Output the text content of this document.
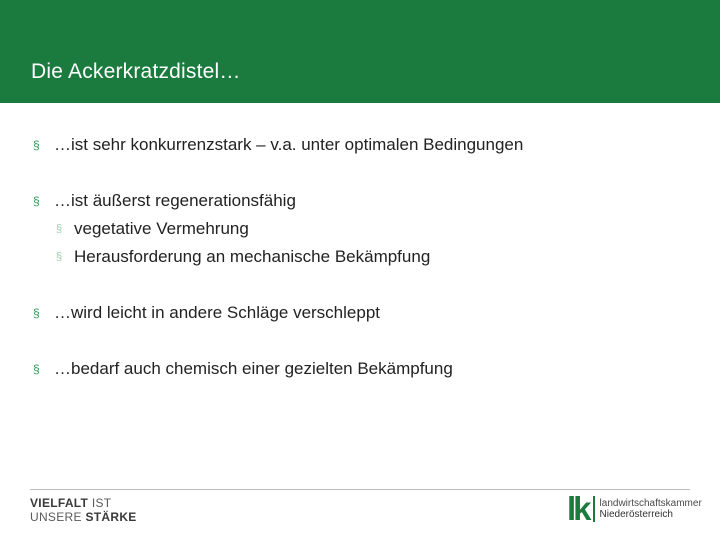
Die Ackerkratzdistel…
§ …ist sehr konkurrenzstark – v.a. unter optimalen Bedingungen
§ …ist äußerst regenerationsfähig
§ vegetative Vermehrung
§ Herausforderung an mechanische Bekämpfung
§ …wird leicht in andere Schläge verschleppt
§ …bedarf auch chemisch einer gezielten Bekämpfung
VIELFALT IST
UNSERE STÄRKE	lk landwirtschaftskammer
Niederösterreich
